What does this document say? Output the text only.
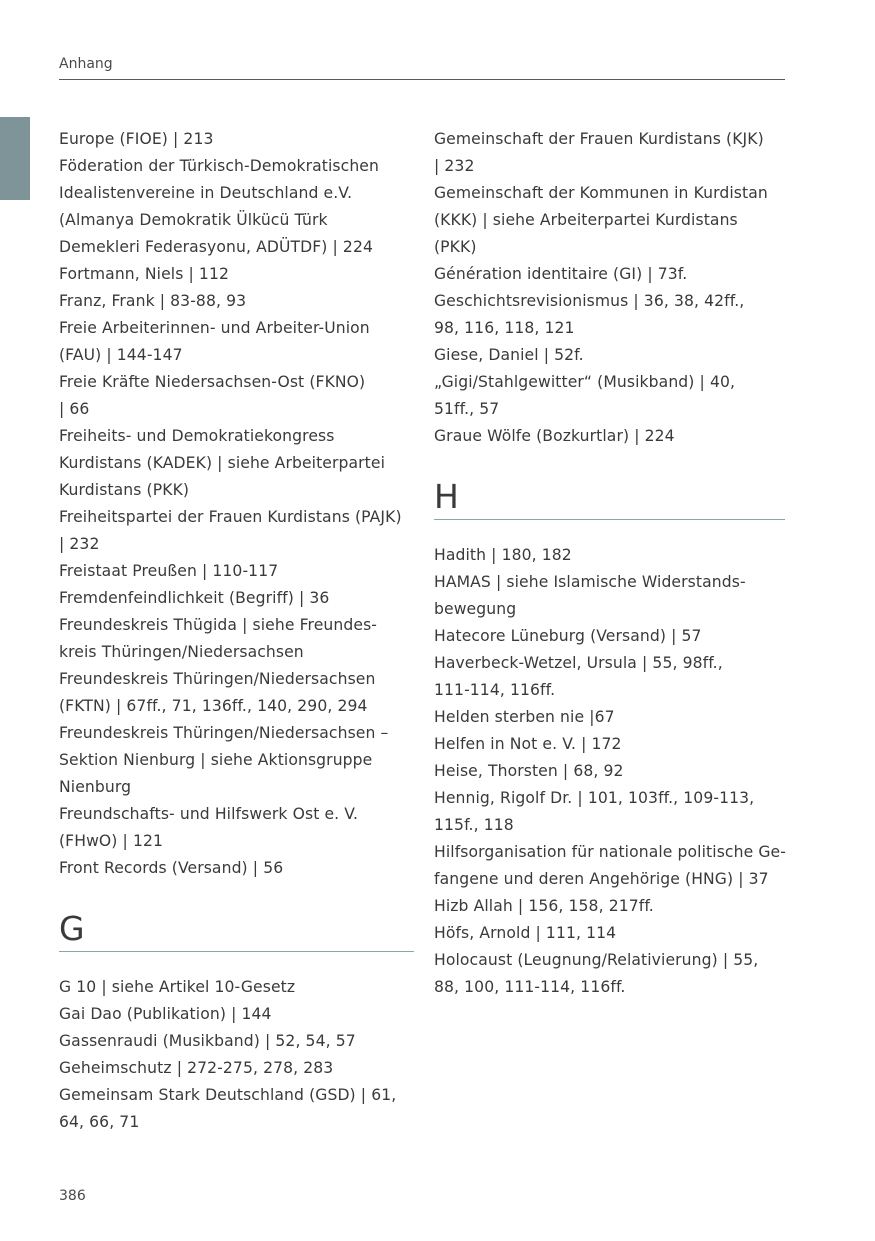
Anhang

Europe (FIOE) | 213

Föderation der Türkisch-Demokratischen

Idealistenvereine in Deutschland e.V.

(Almanya Demokratik Ülkücü Türk

Demekleri Federasyonu, ADÜTDF) | 224

Fortmann, Niels | 112

Franz, Frank | 83-88, 93

Freie Arbeiterinnen- und Arbeiter-Union

(FAU) | 144-147

Freie Kräfte Niedersachsen-Ost (FKNO)

| 66

Freiheits- und Demokratiekongress

Kurdistans (KADEK) | siehe Arbeiterpartei

Kurdistans (PKK)

Freiheitspartei der Frauen Kurdistans (PAJK)

| 232

Freistaat Preußen | 110-117

Fremdenfeindlichkeit (Begriff) | 36

Freundeskreis Thügida | siehe Freundes-

kreis Thüringen/Niedersachsen

Freundeskreis Thüringen/Niedersachsen

(FKTN) | 67ff., 71, 136ff., 140, 290, 294

Freundeskreis Thüringen/Niedersachsen –

Sektion Nienburg | siehe Aktionsgruppe

Nienburg

Freundschafts- und Hilfswerk Ost e. V.

(FHwO) | 121

Front Records (Versand) | 56

G

G 10 | siehe Artikel 10-Gesetz

Gai Dao (Publikation) | 144

Gassenraudi (Musikband) | 52, 54, 57

Geheimschutz | 272-275, 278, 283

Gemeinsam Stark Deutschland (GSD) | 61,

64, 66, 71

Gemeinschaft der Frauen Kurdistans (KJK)

| 232

Gemeinschaft der Kommunen in Kurdistan

(KKK) | siehe Arbeiterpartei Kurdistans

(PKK)

Génération identitaire (GI) | 73f.

Geschichtsrevisionismus | 36, 38, 42ff.,

98, 116, 118, 121

Giese, Daniel | 52f.

„Gigi/Stahlgewitter“ (Musikband) | 40,

51ff., 57

Graue Wölfe (Bozkurtlar) | 224

H

Hadith | 180, 182

HAMAS | siehe Islamische Widerstands-

bewegung

Hatecore Lüneburg (Versand) | 57

Haverbeck-Wetzel, Ursula | 55, 98ff.,

111-114, 116ff.

Helden sterben nie |67

Helfen in Not e. V. | 172

Heise, Thorsten | 68, 92

Hennig, Rigolf Dr. | 101, 103ff., 109-113,

115f., 118

Hilfsorganisation für nationale politische Ge-

fangene und deren Angehörige (HNG) | 37

Hizb Allah | 156, 158, 217ff.

Höfs, Arnold | 111, 114

Holocaust (Leugnung/Relativierung) | 55,

88, 100, 111-114, 116ff.

386
